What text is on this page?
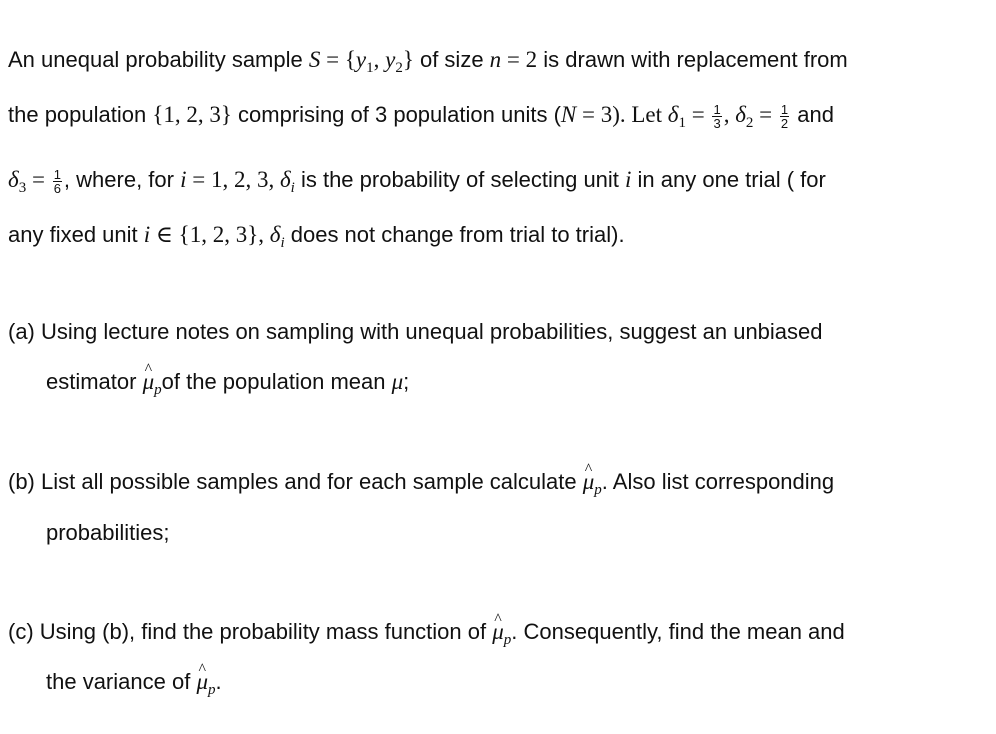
An unequal probability sample $S = \{y_1$, $y_2$} of size n = 2 is drawn with replacement from
the population {1, 2, 3} comprising of 3 population units (N = 3). Let $\delta_1 = \frac{1}{3}$ , $\delta_2 = \frac{1}{2}$ and
$\delta_3 = \frac{1}{6}$ , where, for i = 1, 2, 3, $\delta_i$ is the probability of selecting unit i in any one trial ( for
any fixed unit i ∈ {1, 2, 3}, $\delta_i$ does not change from trial to trial).
(a) Using lecture notes on sampling with unequal probabilities, suggest an unbiased
estimator ^ $\mu_pof$ the population mean μ;
(b) List all possible samples and for each sample calculate ^ $\mu_p$. Also list corresponding
probabilities;
(c) Using (b), find the probability mass function of ^ $\mu_p$. Consequently, find the mean and
the variance of ^ $\mu_p$.
